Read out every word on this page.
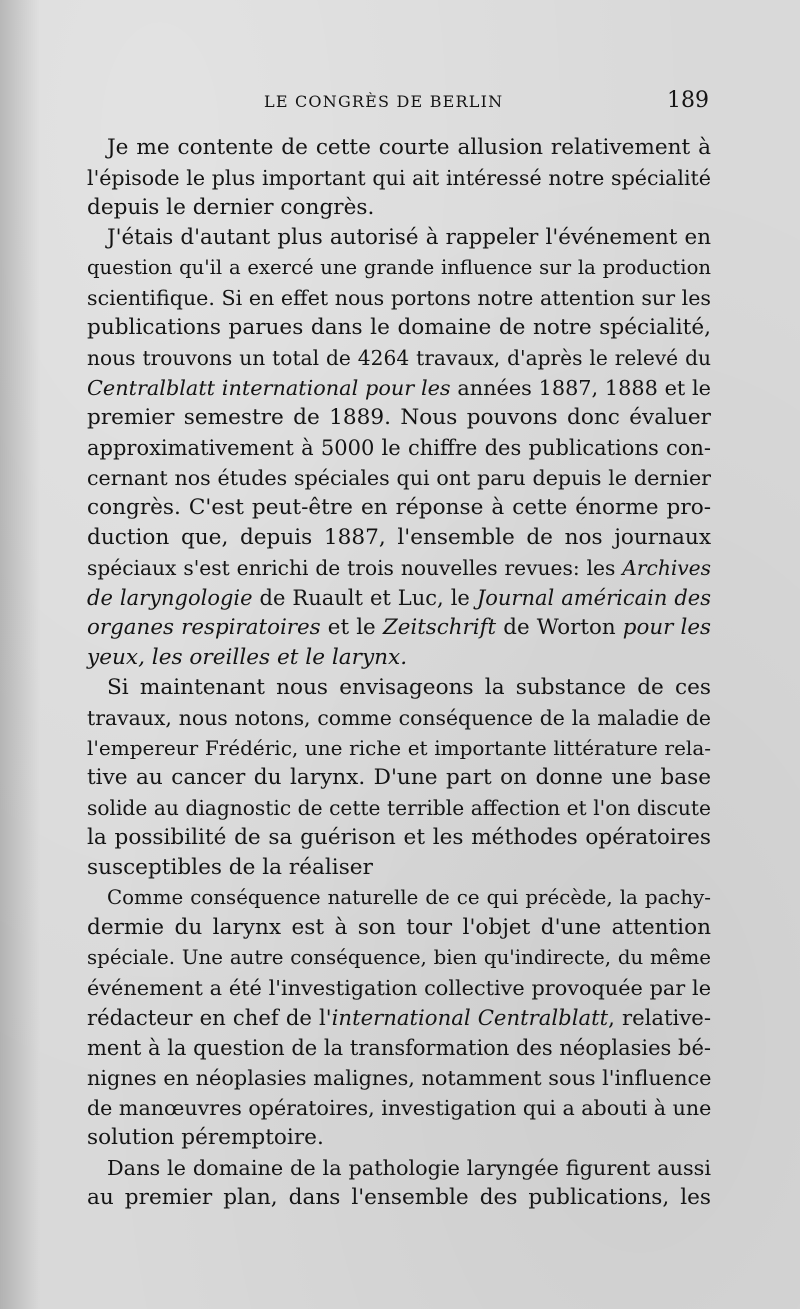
LE CONGRÈS DE BERLIN	189

Je me contente de cette courte allusion relativement à
l'épisode le plus important qui ait intéressé notre spécialité
depuis le dernier congrès.

J'étais d'autant plus autorisé à rappeler l'événement en
question qu'il a exercé une grande influence sur la production
scientifique. Si en effet nous portons notre attention sur les
publications parues dans le domaine de notre spécialité,
nous trouvons un total de 4264 travaux, d'après le relevé du
Centralblatt international pour les années 1887, 1888 et le
premier semestre de 1889. Nous pouvons donc évaluer
approximativement à 5000 le chiffre des publications con-
cernant nos études spéciales qui ont paru depuis le dernier
congrès. C'est peut-être en réponse à cette énorme pro-
duction que, depuis 1887, l'ensemble de nos journaux
spéciaux s'est enrichi de trois nouvelles revues: les Archives
de laryngologie de Ruault et Luc, le Journal américain des
organes respiratoires et le Zeitschrift de Worton pour les
yeux, les oreilles et le larynx.

Si maintenant nous envisageons la substance de ces
travaux, nous notons, comme conséquence de la maladie de
l'empereur Frédéric, une riche et importante littérature rela-
tive au cancer du larynx. D'une part on donne une base
solide au diagnostic de cette terrible affection et l'on discute
la possibilité de sa guérison et les méthodes opératoires
susceptibles de la réaliser

Comme conséquence naturelle de ce qui précède, la pachy-
dermie du larynx est à son tour l'objet d'une attention
spéciale. Une autre conséquence, bien qu'indirecte, du même
événement a été l'investigation collective provoquée par le
rédacteur en chef de l'international Centralblatt, relative-
ment à la question de la transformation des néoplasies bé-
nignes en néoplasies malignes, notamment sous l'influence
de manœuvres opératoires, investigation qui a abouti à une
solution péremptoire.

Dans le domaine de la pathologie laryngée figurent aussi
au premier plan, dans l'ensemble des publications, les
